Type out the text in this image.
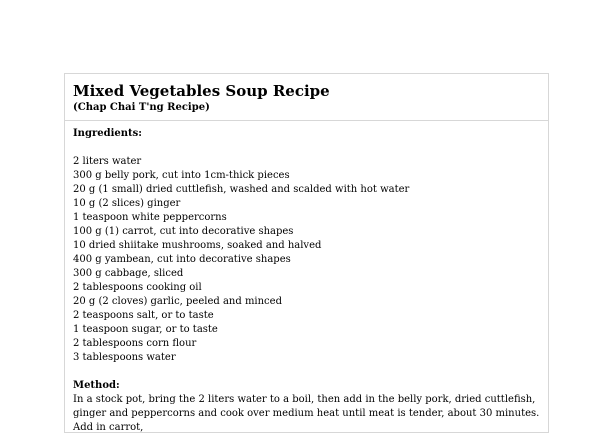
Mixed Vegetables Soup Recipe
(Chap Chai T'ng Recipe)
Ingredients:
2 liters water
300 g belly pork, cut into 1cm-thick pieces
20 g (1 small) dried cuttlefish, washed and scalded with hot water
10 g (2 slices) ginger
1 teaspoon white peppercorns
100 g (1) carrot, cut into decorative shapes
10 dried shiitake mushrooms, soaked and halved
400 g yambean, cut into decorative shapes
300 g cabbage, sliced
2 tablespoons cooking oil
20 g (2 cloves) garlic, peeled and minced
2 teaspoons salt, or to taste
1 teaspoon sugar, or to taste
2 tablespoons corn flour
3 tablespoons water
Method:

In a stock pot, bring the 2 liters water to a boil, then add in the belly pork, dried cuttlefish, ginger and peppercorns and cook over medium heat until meat is tender, about 30 minutes. Add in carrot,
